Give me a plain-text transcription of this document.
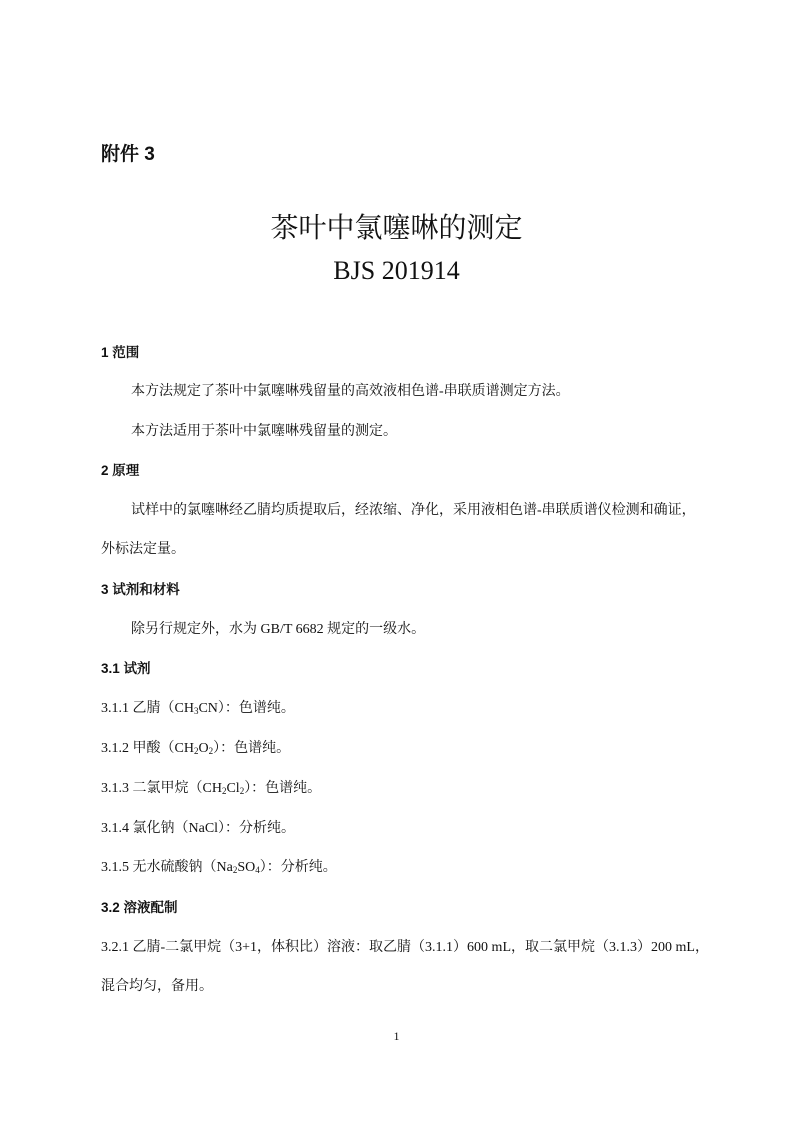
附件 3
茶叶中氯噻啉的测定
BJS 201914
1 范围
本方法规定了茶叶中氯噻啉残留量的高效液相色谱-串联质谱测定方法。
本方法适用于茶叶中氯噻啉残留量的测定。
2 原理
试样中的氯噻啉经乙腈均质提取后，经浓缩、净化，采用液相色谱-串联质谱仪检测和确证，
外标法定量。
3 试剂和材料
除另行规定外，水为 GB/T 6682 规定的一级水。
3.1 试剂
3.1.1 乙腈$(CH_3CN)$：色谱纯。
3.1.2 甲酸$(CH_2O_2)$：色谱纯。
3.1.3 二氯甲烷$(CH_2Cl_2)$：色谱纯。
3.1.4 氯化钠（NaCl）：分析纯。
3.1.5 无水硫酸钠$(Na_2SO_4)$：分析纯。
3.2 溶液配制
3.2.1 乙腈-二氯甲烷（3+1，体积比）溶液：取乙腈（3.1.1）600 mL，取二氯甲烷（3.1.3）200 mL，
混合均匀，备用。
1
